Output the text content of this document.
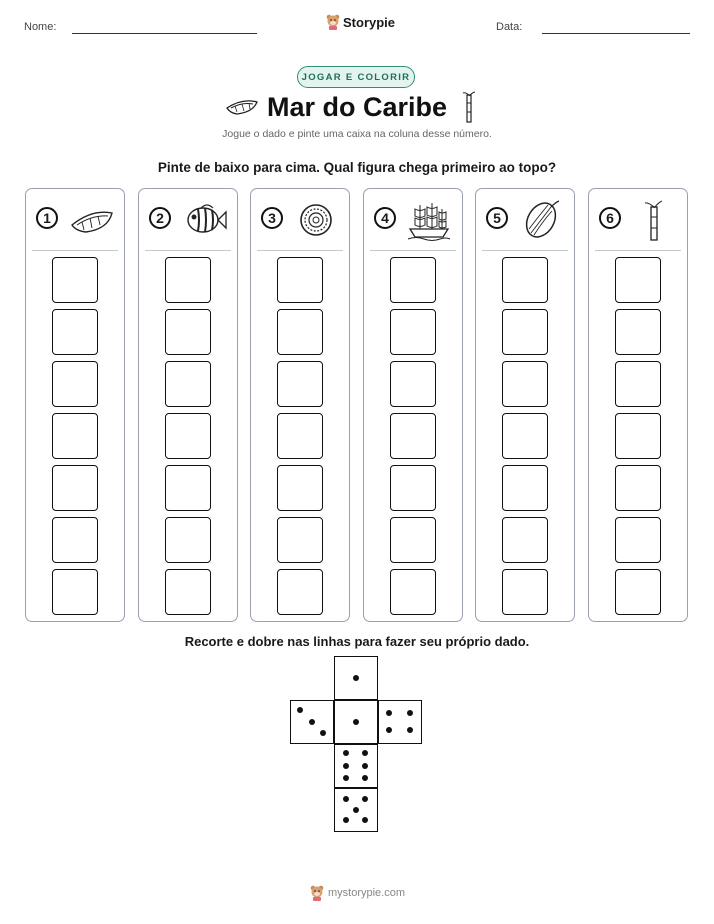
Nome:	Storypie	Data:
JOGAR E COLORIR
Mar do Caribe
Jogue o dado e pinte uma caixa na coluna desse número.
Pinte de baixo para cima. Qual figura chega primeiro ao topo?
1	2	3	4	5	6
Recorte e dobre nas linhas para fazer seu próprio dado.
mystorypie.com
